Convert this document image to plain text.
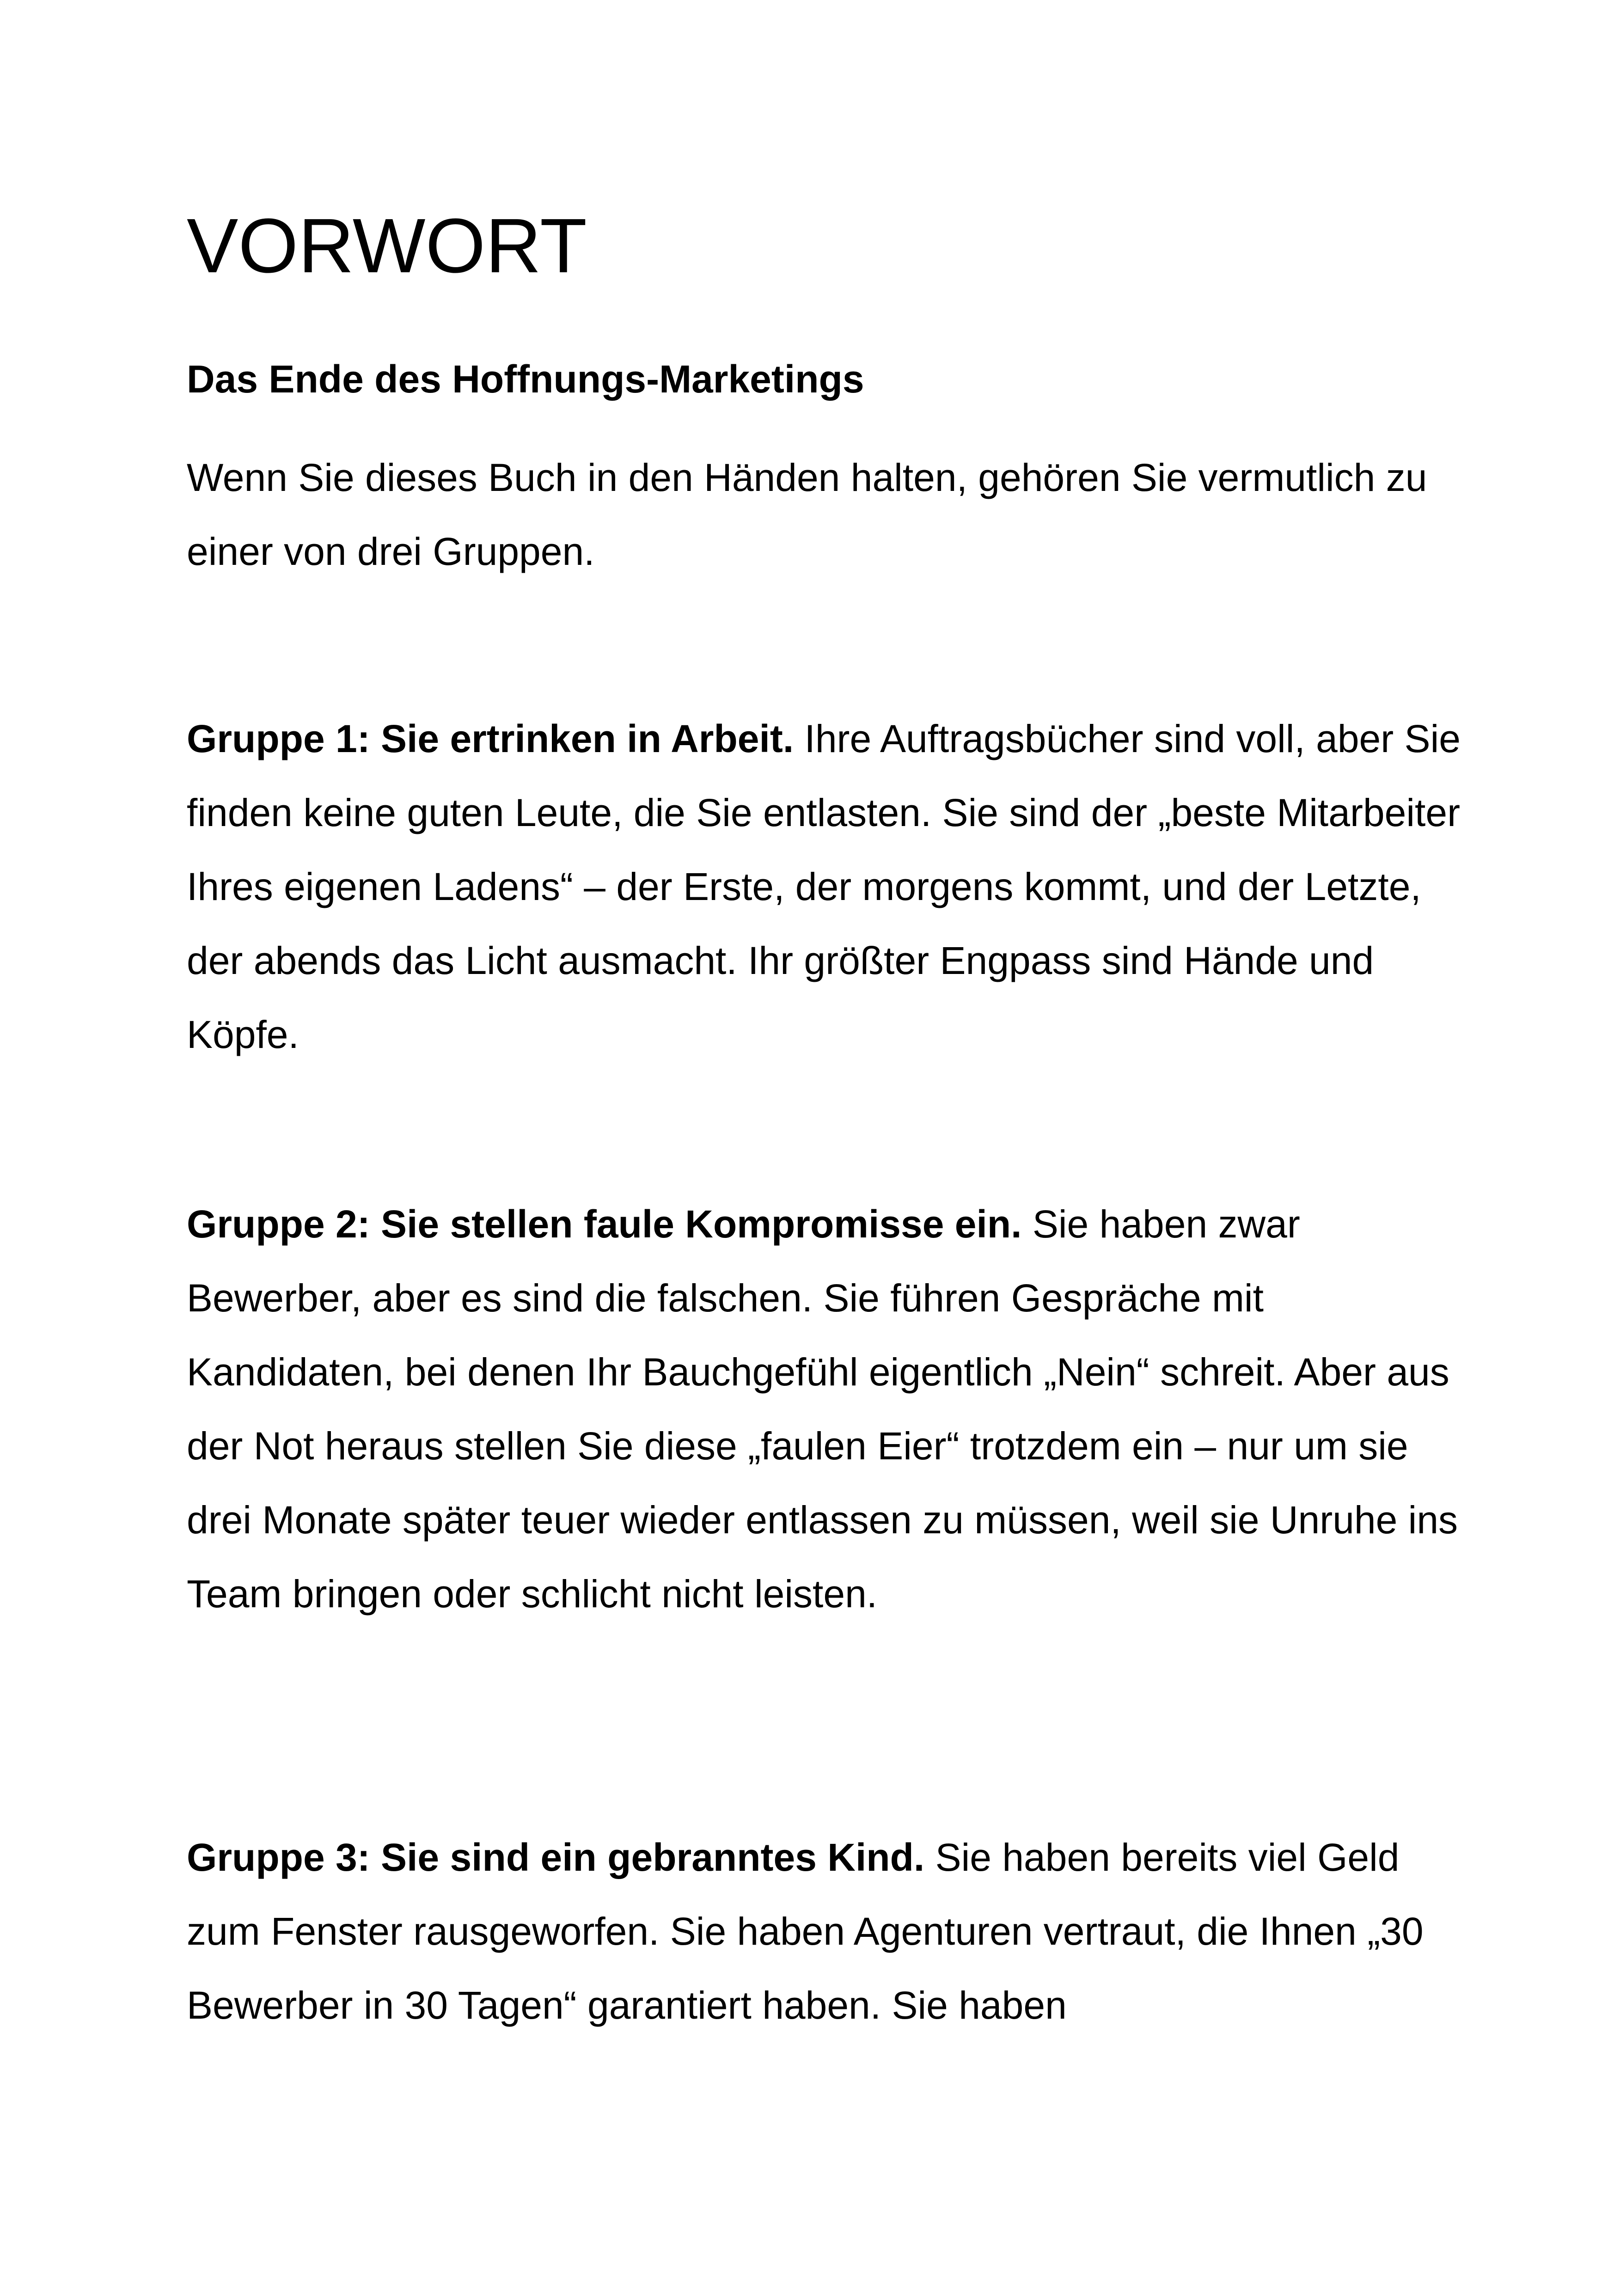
VORWORT
Das Ende des Hoffnungs-Marketings

Wenn Sie dieses Buch in den Händen halten, gehören Sie vermutlich zu einer von drei Gruppen.

Gruppe 1: Sie ertrinken in Arbeit. Ihre Auftragsbücher sind voll, aber Sie finden keine guten Leute, die Sie entlasten. Sie sind der „beste Mitarbeiter Ihres eigenen Ladens“ – der Erste, der morgens kommt, und der Letzte, der abends das Licht ausmacht. Ihr größter Engpass sind Hände und Köpfe.

Gruppe 2: Sie stellen faule Kompromisse ein. Sie haben zwar Bewerber, aber es sind die falschen. Sie führen Gespräche mit Kandidaten, bei denen Ihr Bauchgefühl eigentlich „Nein“ schreit. Aber aus der Not heraus stellen Sie diese „faulen Eier“ trotzdem ein – nur um sie drei Monate später teuer wieder entlassen zu müssen, weil sie Unruhe ins Team bringen oder schlicht nicht leisten.

Gruppe 3: Sie sind ein gebranntes Kind. Sie haben bereits viel Geld zum Fenster rausgeworfen. Sie haben Agenturen vertraut, die Ihnen „30 Bewerber in 30 Tagen“ garantiert haben. Sie haben
